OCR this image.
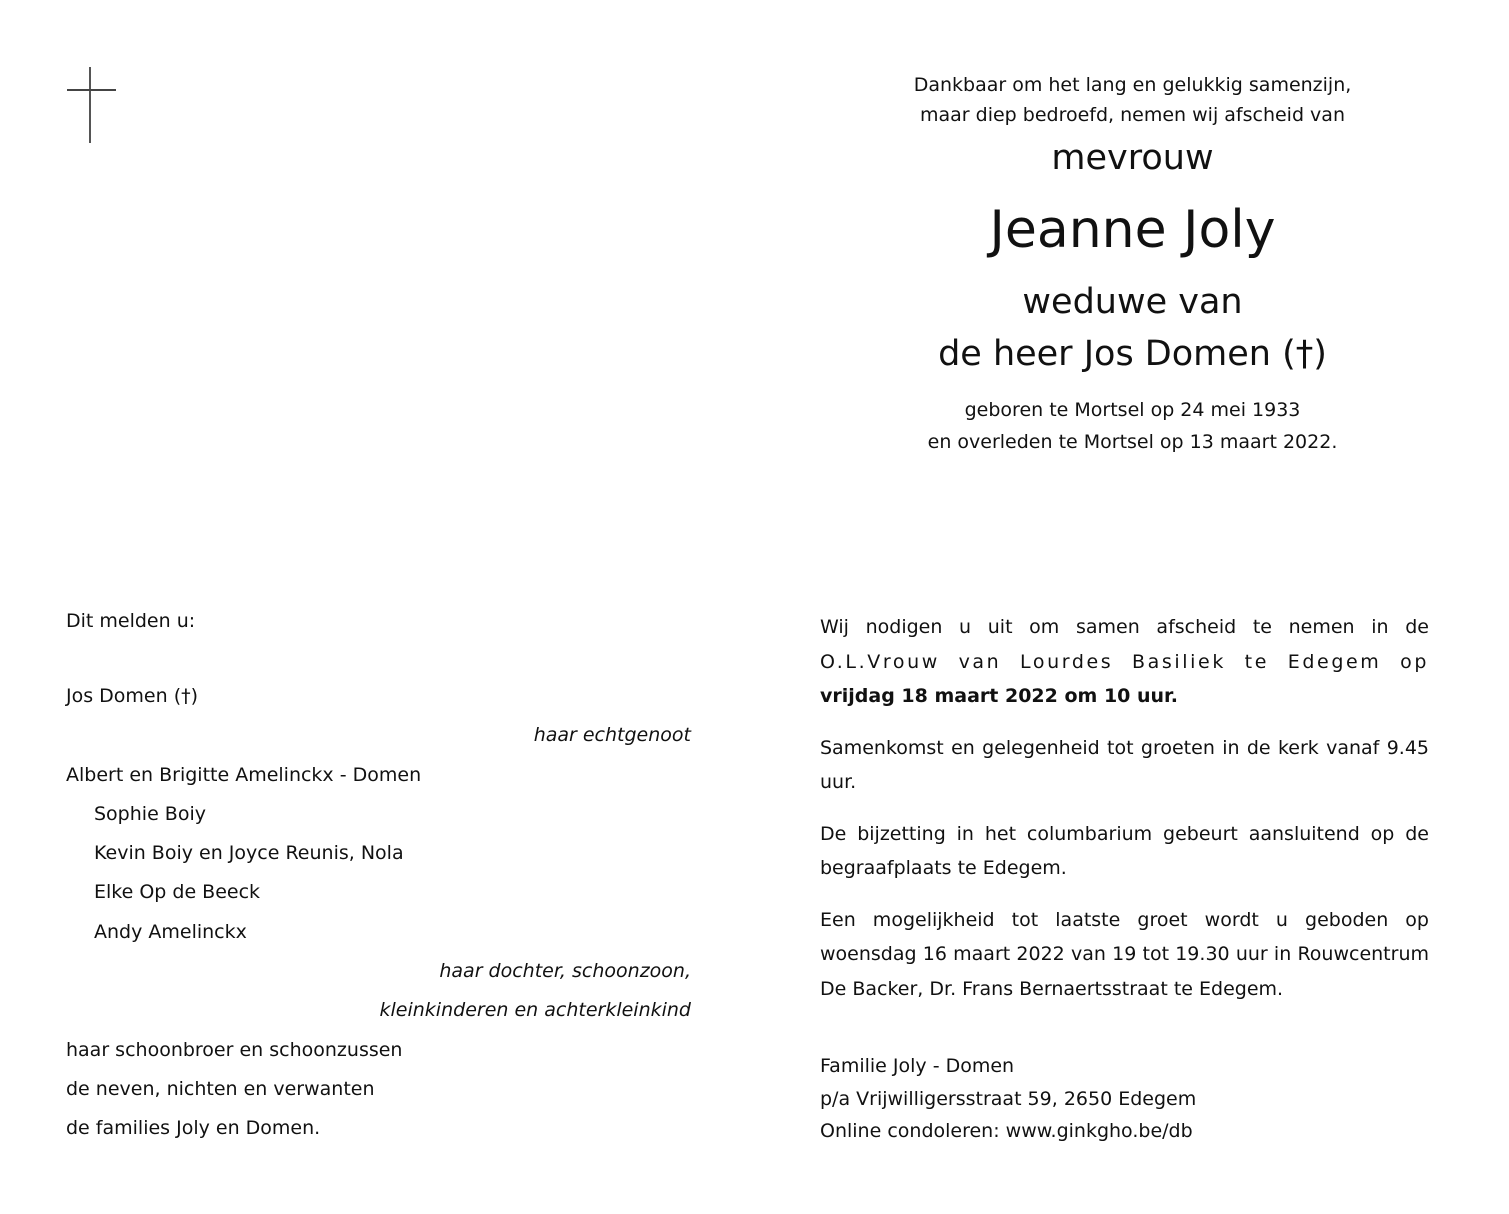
Dankbaar om het lang en gelukkig samenzijn,
maar diep bedroefd, nemen wij afscheid van

mevrouw
Jeanne Joly
weduwe van
de heer Jos Domen (†)

geboren te Mortsel op 24 mei 1933
en overleden te Mortsel op 13 maart 2022.

Dit melden u:
Jos Domen (†)
haar echtgenoot
Albert en Brigitte Amelinckx - Domen
Sophie Boiy
Kevin Boiy en Joyce Reunis, Nola
Elke Op de Beeck
Andy Amelinckx
haar dochter, schoonzoon,
kleinkinderen en achterkleinkind
haar schoonbroer en schoonzussen
de neven, nichten en verwanten
de families Joly en Domen.

Wij nodigen u uit om samen afscheid te nemen in de
O.L.Vrouw van Lourdes Basiliek te Edegem op
vrijdag 18 maart 2022 om 10 uur.

Samenkomst en gelegenheid tot groeten in de kerk vanaf 9.45 uur.

De bijzetting in het columbarium gebeurt aansluitend op de begraafplaats te Edegem.

Een mogelijkheid tot laatste groet wordt u geboden op woensdag 16 maart 2022 van 19 tot 19.30 uur in Rouwcentrum De Backer, Dr. Frans Bernaertsstraat te Edegem.

Familie Joly - Domen
p/a Vrijwilligersstraat 59, 2650 Edegem
Online condoleren: www.ginkgho.be/db
